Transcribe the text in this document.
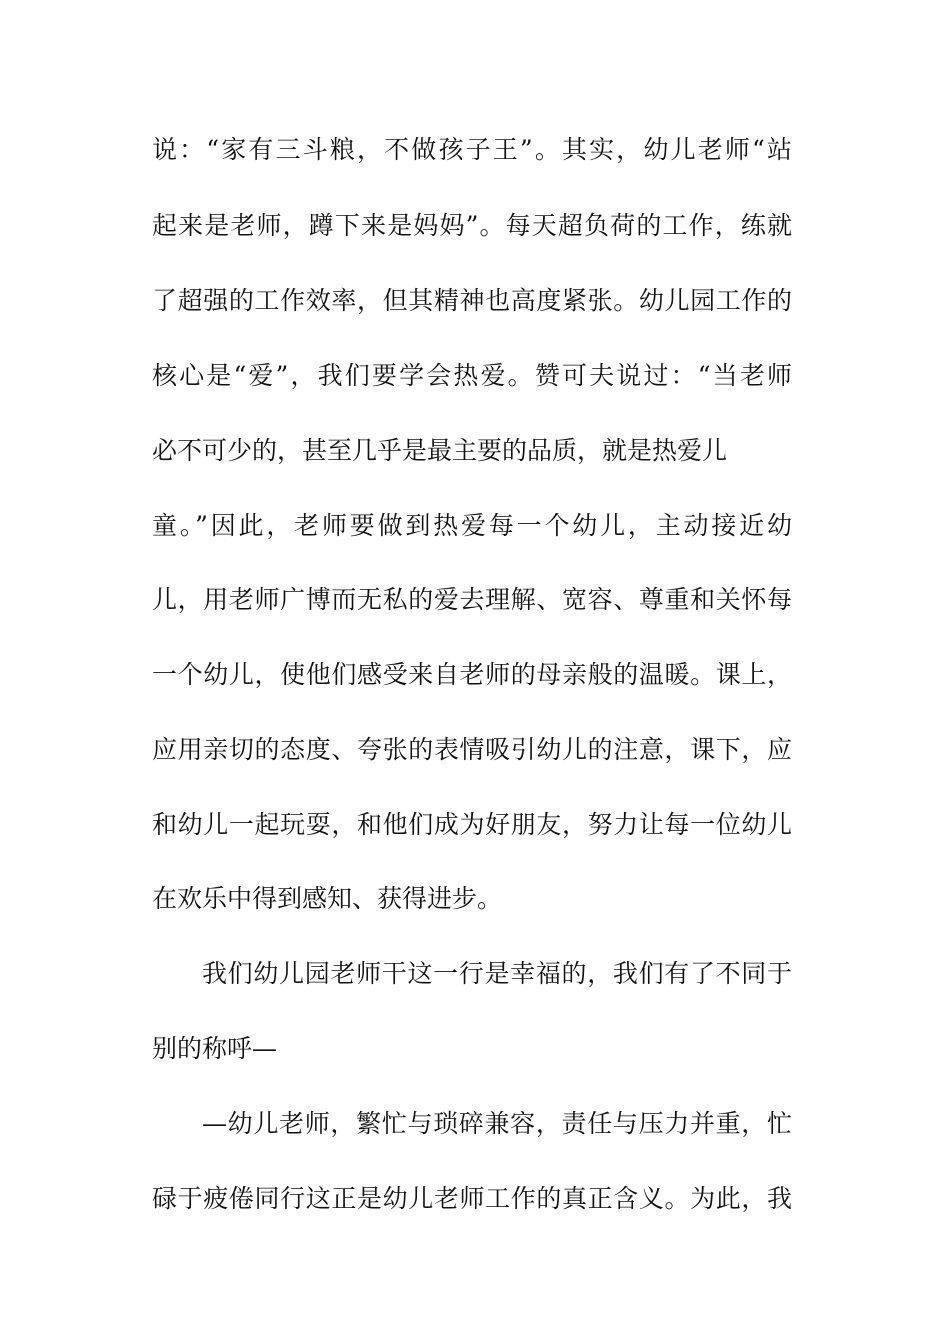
说：“家有三斗粮，不做孩子王”。其实，幼儿老师“站
起来是老师，蹲下来是妈妈”。每天超负荷的工作，练就
了超强的工作效率，但其精神也高度紧张。幼儿园工作的
核心是“爱”，我们要学会热爱。赞可夫说过：“当老师
必不可少的，甚至几乎是最主要的品质，就是热爱儿
童。”因此，老师要做到热爱每一个幼儿，主动接近幼
儿，用老师广博而无私的爱去理解、宽容、尊重和关怀每
一个幼儿，使他们感受来自老师的母亲般的温暖。课上，
应用亲切的态度、夸张的表情吸引幼儿的注意，课下，应
和幼儿一起玩耍，和他们成为好朋友，努力让每一位幼儿
在欢乐中得到感知、获得进步。
我们幼儿园老师干这一行是幸福的，我们有了不同于
别的称呼—
—幼儿老师，繁忙与琐碎兼容，责任与压力并重，忙
碌于疲倦同行这正是幼儿老师工作的真正含义。为此，我
